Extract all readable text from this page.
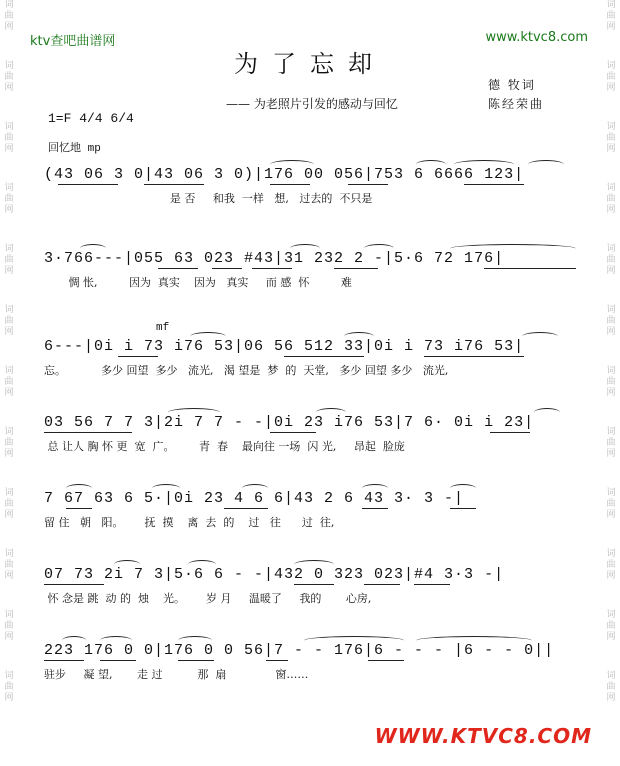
词
曲
网
词
曲
网
词
曲
网
词
曲
网
词
曲
网
词
曲
网
词
曲
网
词
曲
网
词
曲
网
词
曲
网
词
曲
网
词
曲
网
词
曲
网
词
曲
网
词
曲
网
词
曲
网
词
曲
网
词
曲
网
词
曲
网
词
曲
网
词
曲
网
词
曲
网
词
曲
网
词
曲
网
ktv查吧曲谱网	www.ktvc8.com
为了忘却
德 牧词
陈经荣曲
—— 为老照片引发的感动与回忆
1=F 4/4 6/4
回忆地 mp
(43 06 3 0|43 06 3 0)|176 00 056|753 6 6666 123|
是 否     和我  一样   想,   过去的  不只是
3·766---|055 63 023 #43|31 232 2 -|5·6 72 176|
惆 怅,         因为  真实    因为   真实     而 感  怀         难
mf
6---|0i i 73 i76 53|06 56 512 33|0i i 73 i76 53|
忘。          多少 回望  多少   流光,   渴 望是  梦  的  天堂,   多少 回望 多少   流光,
03 56 7 7 3|2i 7 7 - -|0i 23 i76 53|7 6· 0i i 23|
总 让人 胸 怀 更  宽  广。       青  春    最向往 一场  闪 光,     昂起  脸庞
7 67 63 6 5·|0i 23 4 6 6|43 2 6 43 3· 3 -|
留 住   朝   阳。      抚  摸    离  去  的    过   往      过  往,
07 73 2i 7 3|5·6 6 - -|432 0 323 023|#4 3·3 -|
怀 念是 跳  动 的  烛    光。      岁 月     温暖了     我的       心房,
223 176 0 0|176 0 0 56|7 - - 176|6 - - - |6 - - 0||
驻步     凝 望,       走 过          那  扇              窗……
WWW.KTVC8.COM
